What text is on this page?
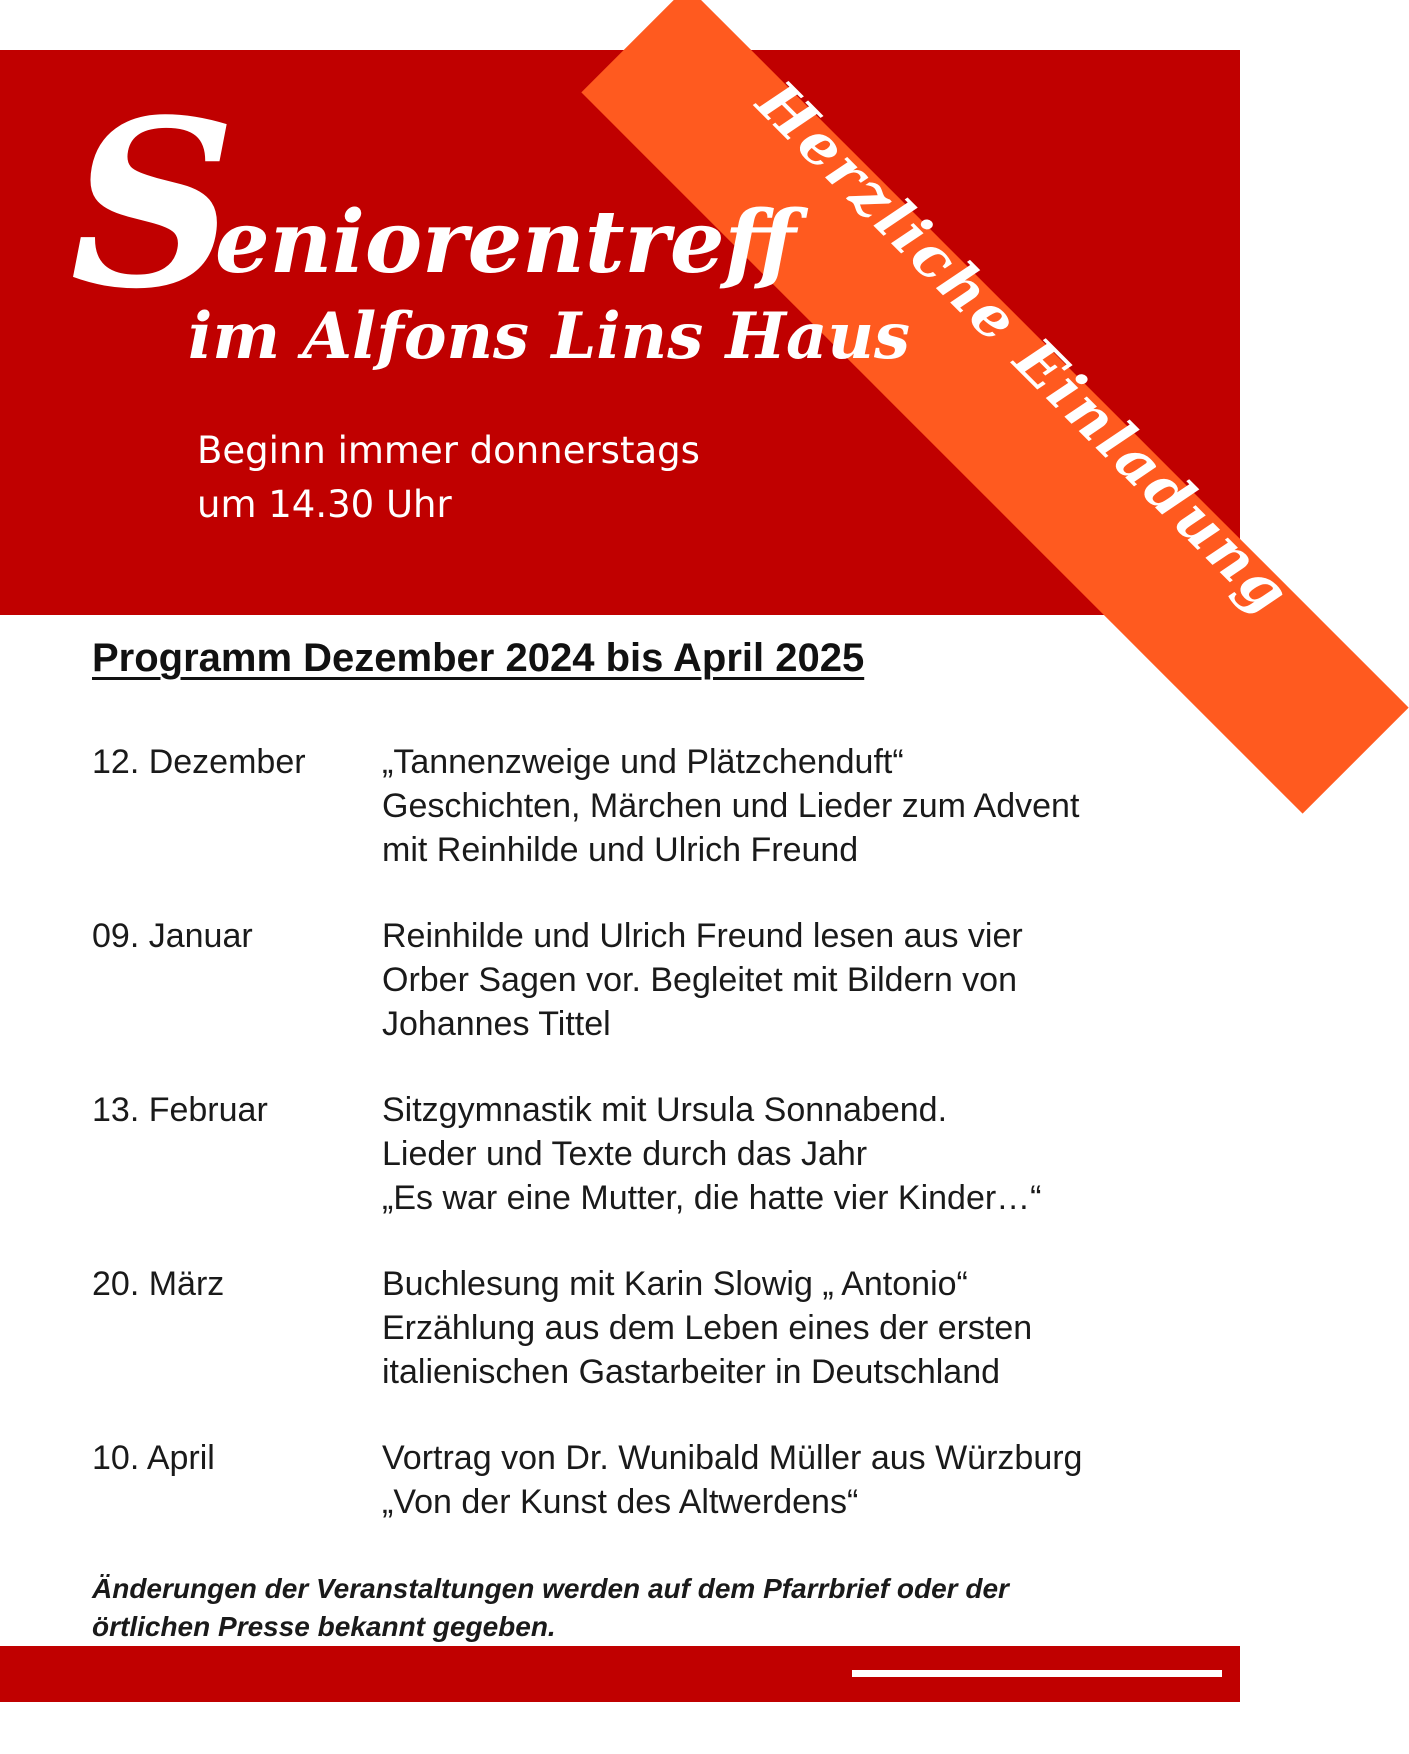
Herzliche Einladung
S
eniorentreff
im Alfons Lins Haus
Beginn immer donnerstags
um 14.30 Uhr
Programm Dezember 2024 bis April 2025
12. Dezember	„Tannenzweige und Plätzchenduft“
Geschichten, Märchen und Lieder zum Advent
mit Reinhilde und Ulrich Freund
09. Januar	Reinhilde und Ulrich Freund lesen aus vier
Orber Sagen vor. Begleitet mit Bildern von
Johannes Tittel
13. Februar	Sitzgymnastik mit Ursula Sonnabend.
Lieder und Texte durch das Jahr
„Es war eine Mutter, die hatte vier Kinder…“
20. März	Buchlesung mit Karin Slowig „ Antonio“
Erzählung aus dem Leben eines der ersten
italienischen Gastarbeiter in Deutschland
10. April	Vortrag von Dr. Wunibald Müller aus Würzburg
„Von der Kunst des Altwerdens“
Änderungen der Veranstaltungen werden auf dem Pfarrbrief oder der
örtlichen Presse bekannt gegeben.
